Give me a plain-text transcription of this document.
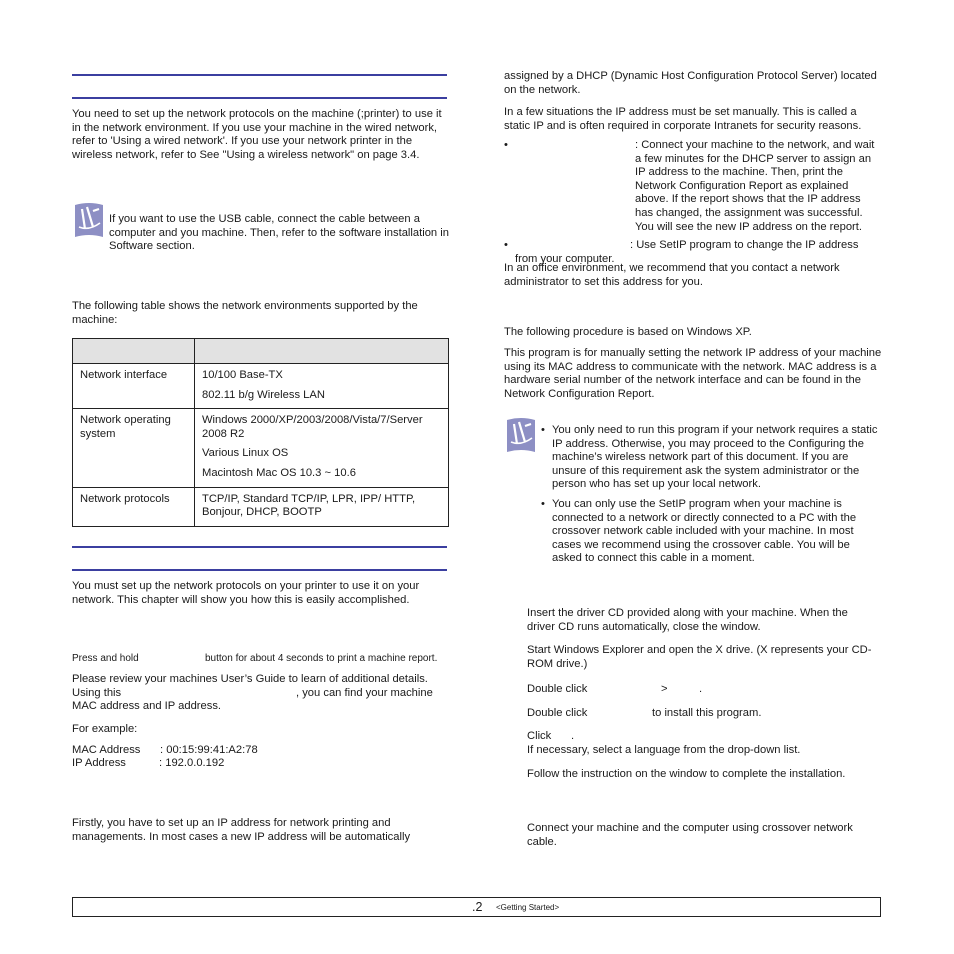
You need to set up the network protocols on the machine (;printer) to use it in the network environment. If you use your machine in the wired network, refer to 'Using a wired network'. If you use your network printer in the wireless network, refer to See "Using a wireless network" on page 3.4.
If you want to use the USB cable, connect the cable between a computer and you machine. Then, refer to the software installation in Software section.
The following table shows the network environments supported by the machine:

Network interface	10/100 Base-TX
802.11 b/g Wireless LAN

Network operating system	Windows 2000/XP/2003/2008/Vista/7/Server 2008 R2
Various Linux OS
Macintosh Mac OS 10.3 ~ 10.6

Network protocols	TCP/IP, Standard TCP/IP, LPR, IPP/ HTTP, Bonjour, DHCP, BOOTP
You must set up the network protocols on your printer to use it on your network. This chapter will show you how this is easily accomplished.
Press and hold	button for about 4 seconds to print a machine report.
Please review your machines User’s Guide to learn of additional details.
Using this	, you can find your machine
MAC address and IP address.
For example:
MAC Address : 00:15:99:41:A2:78
IP Address	: 192.0.0.192
Firstly, you have to set up an IP address for network printing and managements. In most cases a new IP address will be automatically
assigned by a DHCP (Dynamic Host Configuration Protocol Server) located on the network.
In a few situations the IP address must be set manually. This is called a static IP and is often required in corporate Intranets for security reasons.
•	: Connect your machine to the network, and wait a few minutes for the DHCP server to assign an IP address to the machine. Then, print the Network Configuration Report as explained above. If the report shows that the IP address has changed, the assignment was successful. You will see the new IP address on the report.
•	: Use SetIP program to change the IP address from your computer.
In an office environment, we recommend that you contact a network administrator to set this address for you.
The following procedure is based on Windows XP.
This program is for manually setting the network IP address of your machine using its MAC address to communicate with the network. MAC address is a hardware serial number of the network interface and can be found in the Network Configuration Report.
• You only need to run this program if your network requires a static IP address. Otherwise, you may proceed to the Configuring the machine’s wireless network part of this document. If you are unsure of this requirement ask the system administrator or the person who has set up your local network.
• You can only use the SetIP program when your machine is connected to a network or directly connected to a PC with the crossover network cable included with your machine. In most cases we recommend using the crossover cable. You will be asked to connect this cable in a moment.
Insert the driver CD provided along with your machine. When the driver CD runs automatically, close the window.
Start Windows Explorer and open the X drive. (X represents your CD-ROM drive.)
Double click	>	.
Double click	to install this program.
Click .
If necessary, select a language from the drop-down list.
Follow the instruction on the window to complete the installation.
Connect your machine and the computer using crossover network cable.
.2 <Getting Started>
